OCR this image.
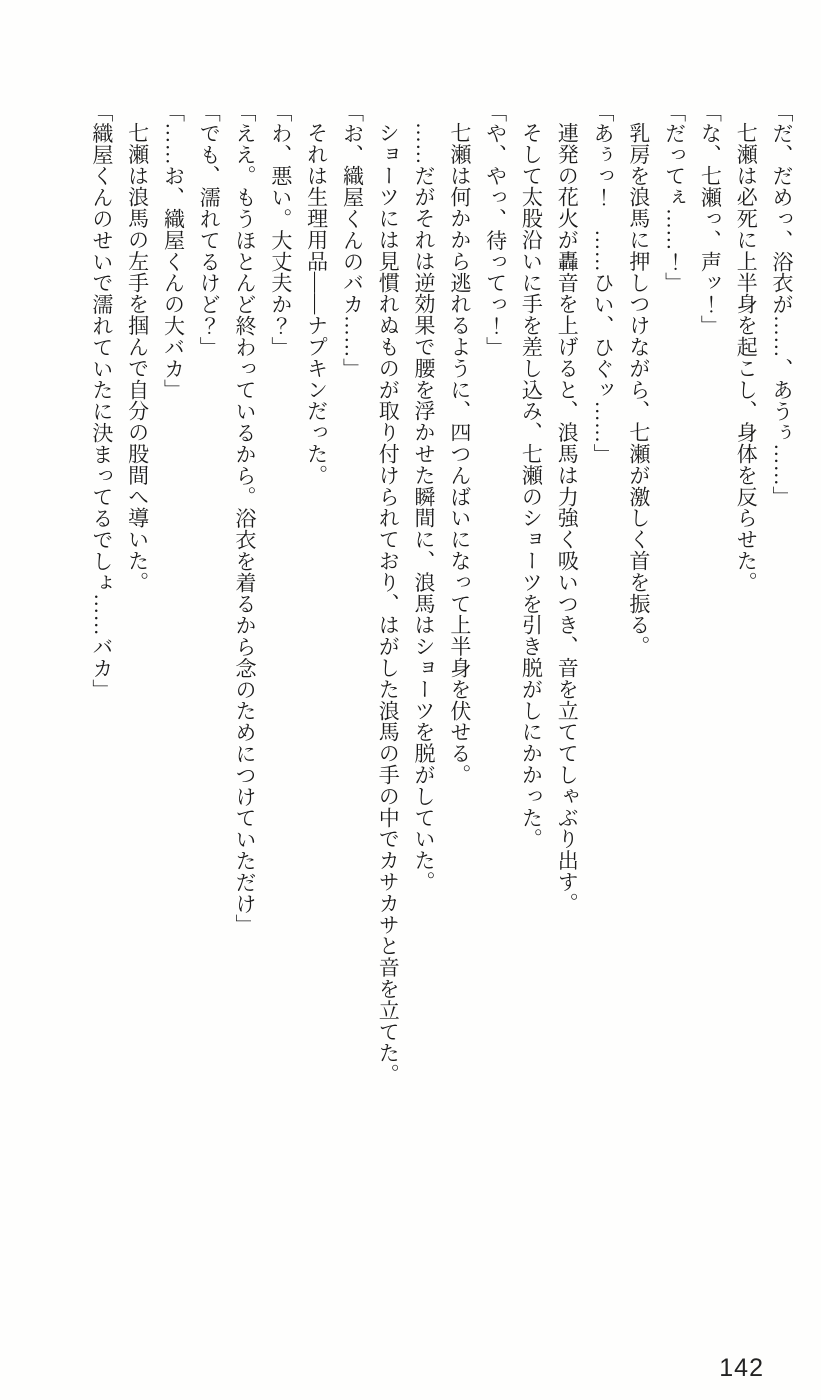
「だ、だめっ、浴衣が……、あうぅ……」

七瀬は必死に上半身を起こし、身体を反らせた。

「な、七瀬っ、声ッ！」

「だってぇ……！」

乳房を浪馬に押しつけながら、七瀬が激しく首を振る。

「あぅっ！　……ひい、ひぐッ……」

連発の花火が轟音を上げると、浪馬は力強く吸いつき、音を立ててしゃぶり出す。

そして太股沿いに手を差し込み、七瀬のショーツを引き脱がしにかかった。

「や、やっ、待ってっ！」

七瀬は何かから逃れるように、四つんばいになって上半身を伏せる。

……だがそれは逆効果で腰を浮かせた瞬間に、浪馬はショーツを脱がしていた。

ショーツには見慣れぬものが取り付けられており、はがした浪馬の手の中でカサカサと音を立てた。

「お、織屋くんのバカ……」

それは生理用品――ナプキンだった。

「わ、悪い。大丈夫か？」

「ええ。もうほとんど終わっているから。浴衣を着るから念のためにつけていただけ」

「でも、濡れてるけど？」

「……お、織屋くんの大バカ」

七瀬は浪馬の左手を掴んで自分の股間へ導いた。

「織屋くんのせいで濡れていたに決まってるでしょ……バカ」

142
